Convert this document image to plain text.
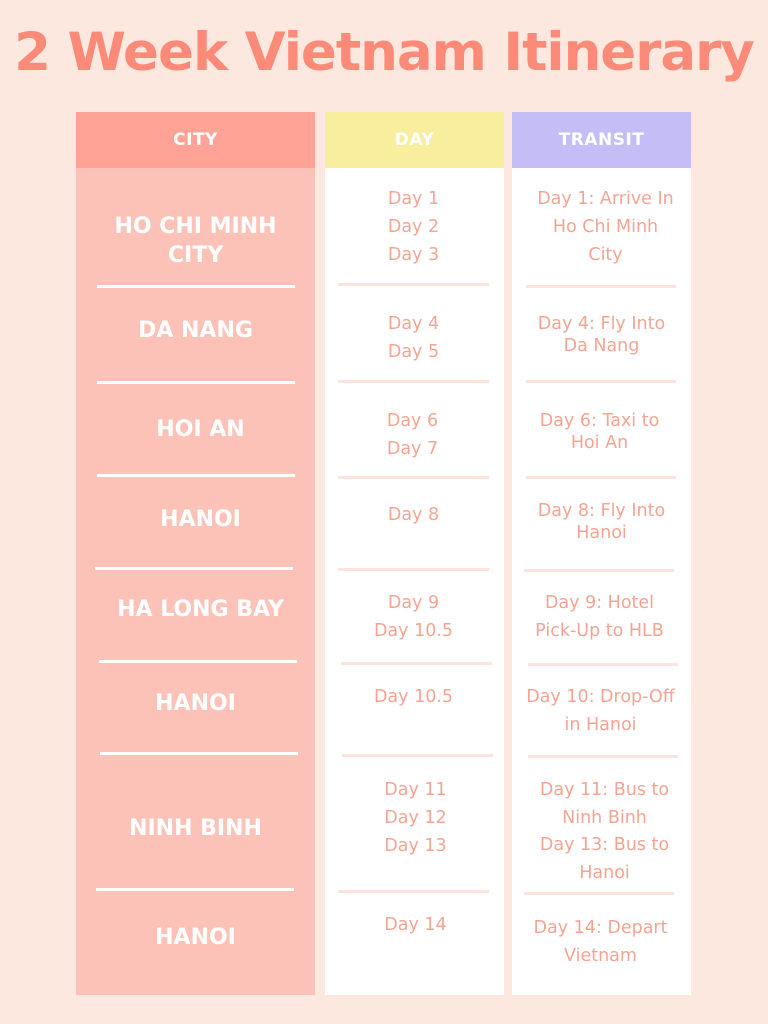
2 Week Vietnam Itinerary
CITY
HO CHI MINH CITY
DA NANG
HOI AN
HANOI
HA LONG BAY
HANOI
NINH BINH
HANOI
DAY
Day 1
Day 2
Day 3
Day 4
Day 5
Day 6
Day 7
Day 8
Day 9
Day 10.5
Day 10.5
Day 11
Day 12
Day 13
Day 14
TRANSIT
Day 1: Arrive In
Ho Chi Minh
City
Day 4: Fly Into
Da Nang
Day 6: Taxi to
Hoi An
Day 8: Fly Into
Hanoi
Day 9: Hotel
Pick-Up to HLB
Day 10: Drop-Off
in Hanoi
Day 11: Bus to
Ninh Binh
Day 13: Bus to
Hanoi
Day 14: Depart
Vietnam
